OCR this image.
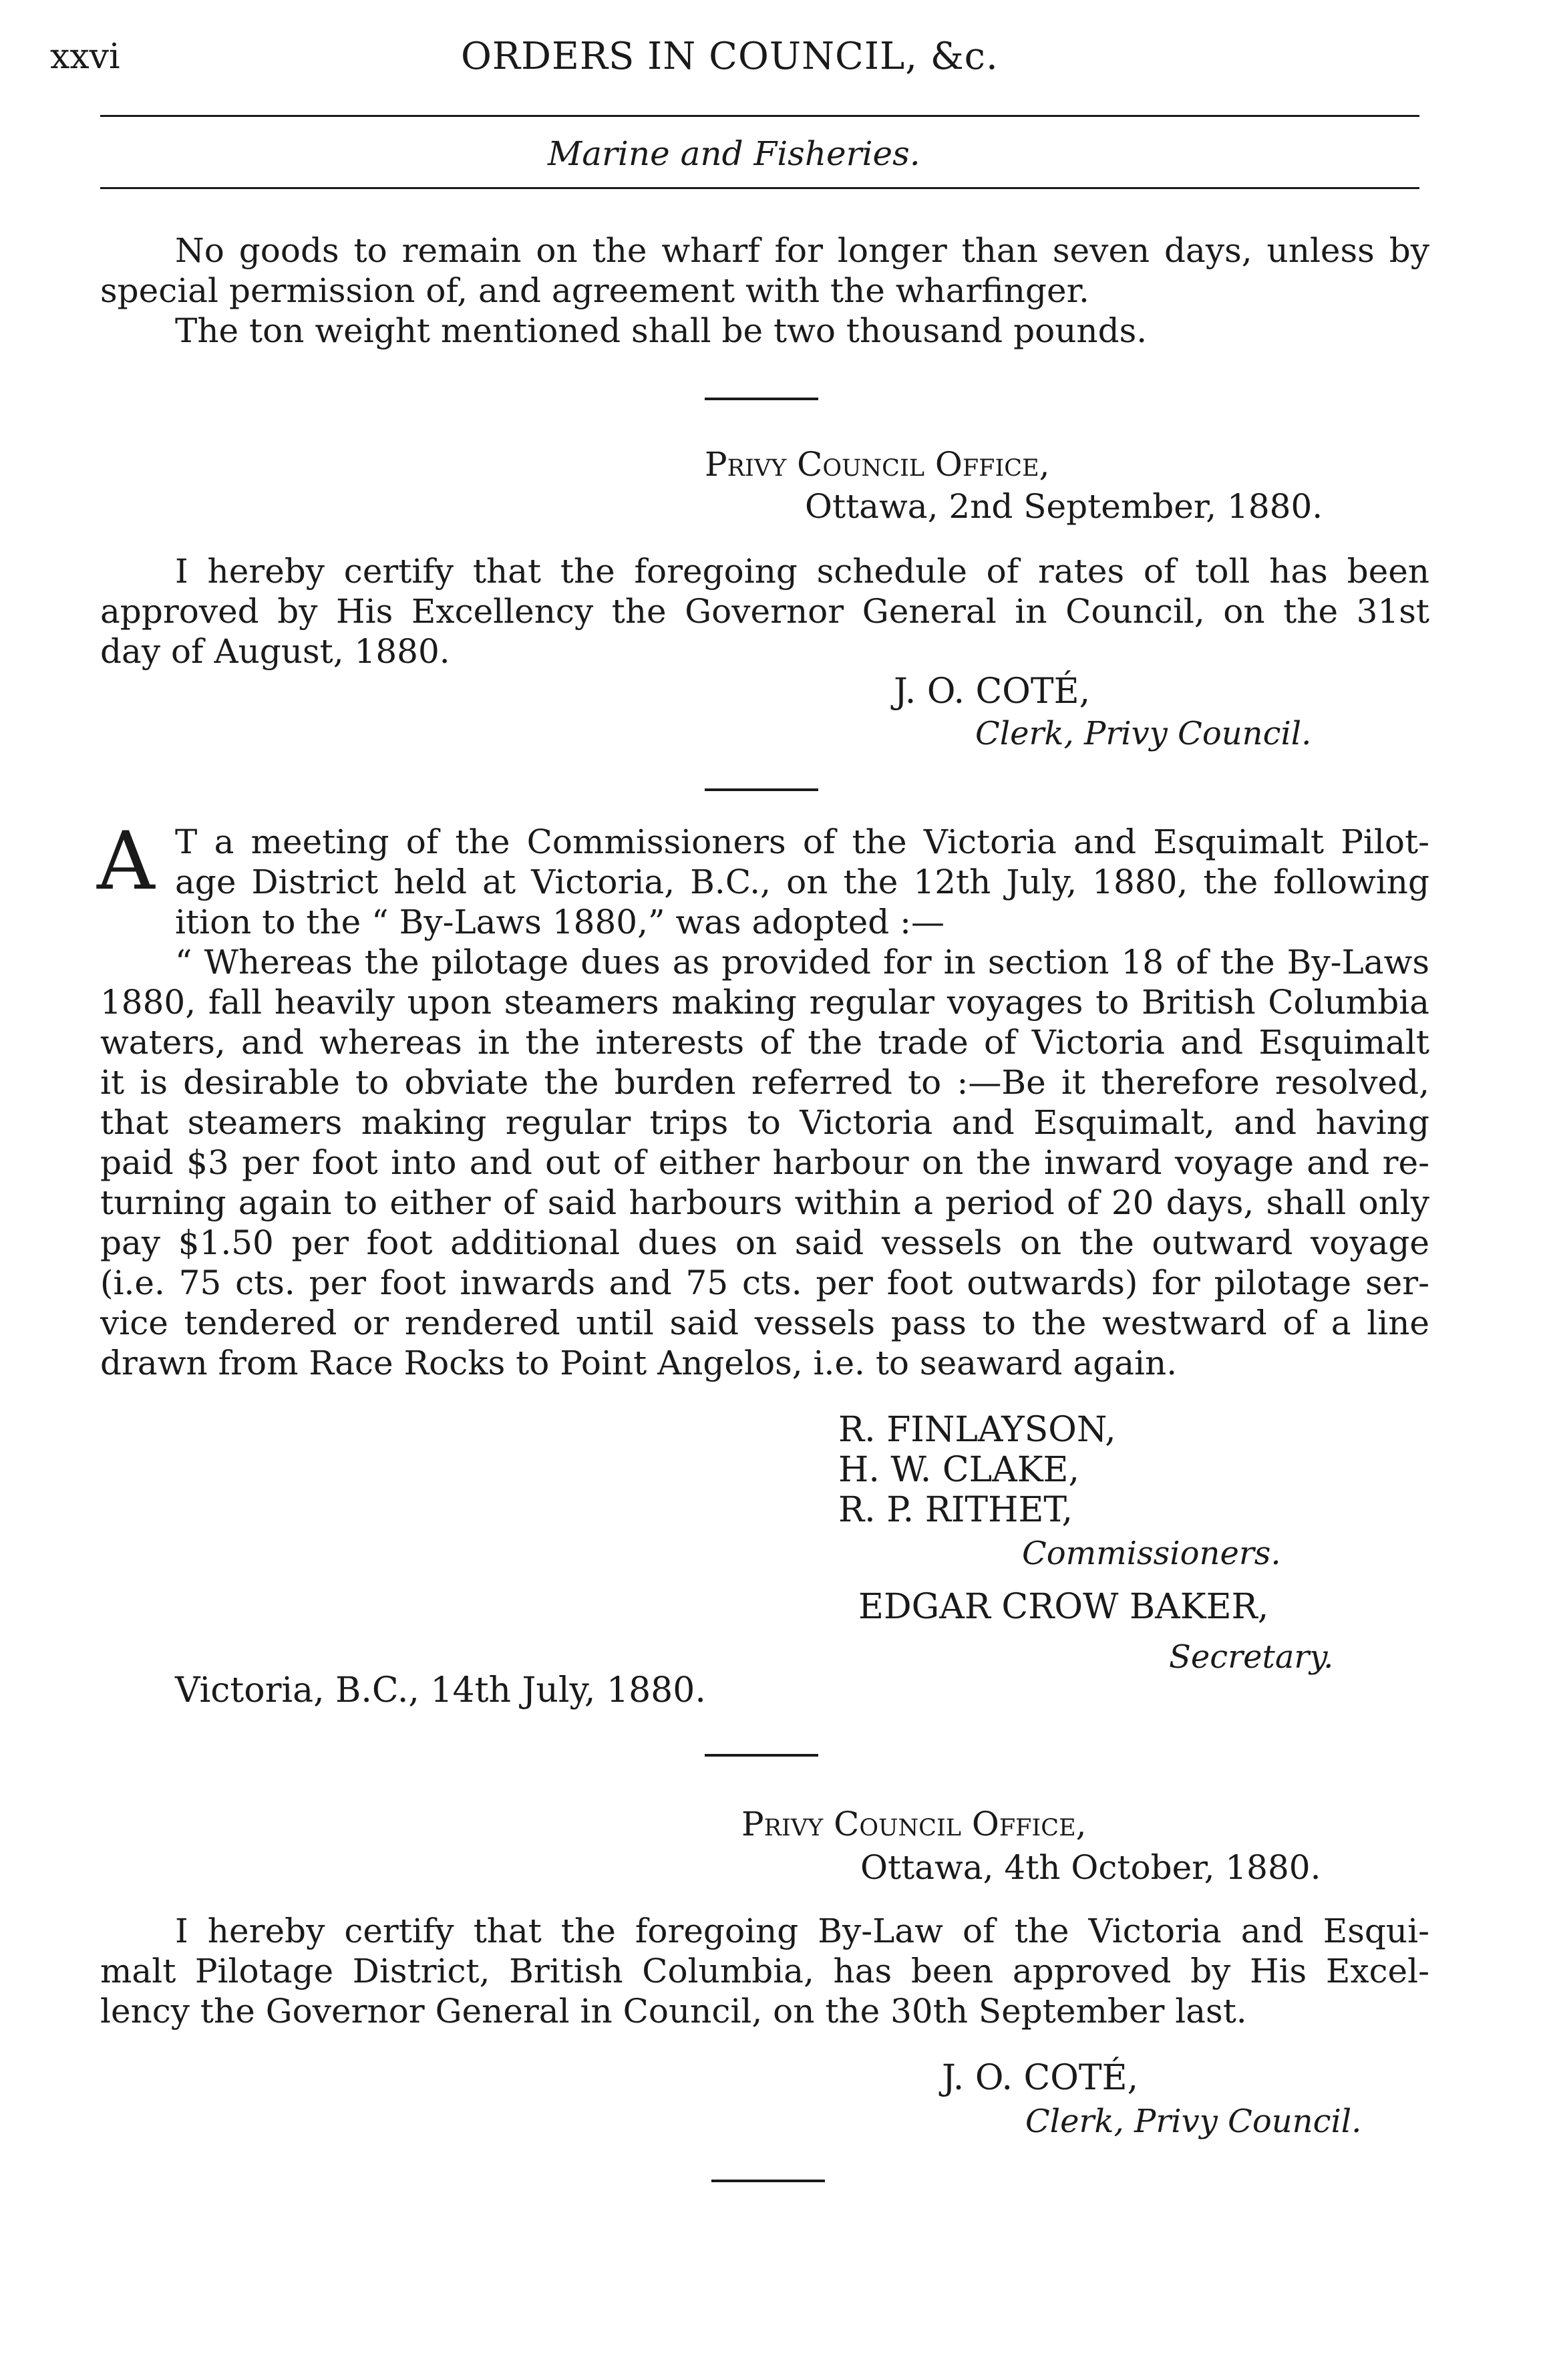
xxvi	ORDERS IN COUNCIL, &c.
Marine and Fisheries.
No goods to remain on the wharf for longer than seven days, unless by
special permission of, and agreement with the wharfinger.
The ton weight mentioned shall be two thousand pounds.
Privy Council Office,
Ottawa, 2nd September, 1880.
I hereby certify that the foregoing schedule of rates of toll has been
approved by His Excellency the Governor General in Council, on the 31st
day of August, 1880.
J. O. COTÉ,
Clerk, Privy Council.
A T a meeting of the Commissioners of the Victoria and Esquimalt Pilot-
age District held at Victoria, B.C., on the 12th July, 1880, the following
ition to the “ By-Laws 1880,” was adopted :—
“ Whereas the pilotage dues as provided for in section 18 of the By-Laws
1880, fall heavily upon steamers making regular voyages to British Columbia
waters, and whereas in the interests of the trade of Victoria and Esquimalt
it is desirable to obviate the burden referred to :—Be it therefore resolved,
that steamers making regular trips to Victoria and Esquimalt, and having
paid $3 per foot into and out of either harbour on the inward voyage and re-
turning again to either of said harbours within a period of 20 days, shall only
pay $1.50 per foot additional dues on said vessels on the outward voyage
(i.e. 75 cts. per foot inwards and 75 cts. per foot outwards) for pilotage ser-
vice tendered or rendered until said vessels pass to the westward of a line
drawn from Race Rocks to Point Angelos, i.e. to seaward again.
R. FINLAYSON,
H. W. CLAKE,
R. P. RITHET,
Commissioners.
EDGAR CROW BAKER,
Secretary.
Victoria, B.C., 14th July, 1880.
Privy Council Office,
Ottawa, 4th October, 1880.
I hereby certify that the foregoing By-Law of the Victoria and Esqui-
malt Pilotage District, British Columbia, has been approved by His Excel-
lency the Governor General in Council, on the 30th September last.
J. O. COTÉ,
Clerk, Privy Council.
